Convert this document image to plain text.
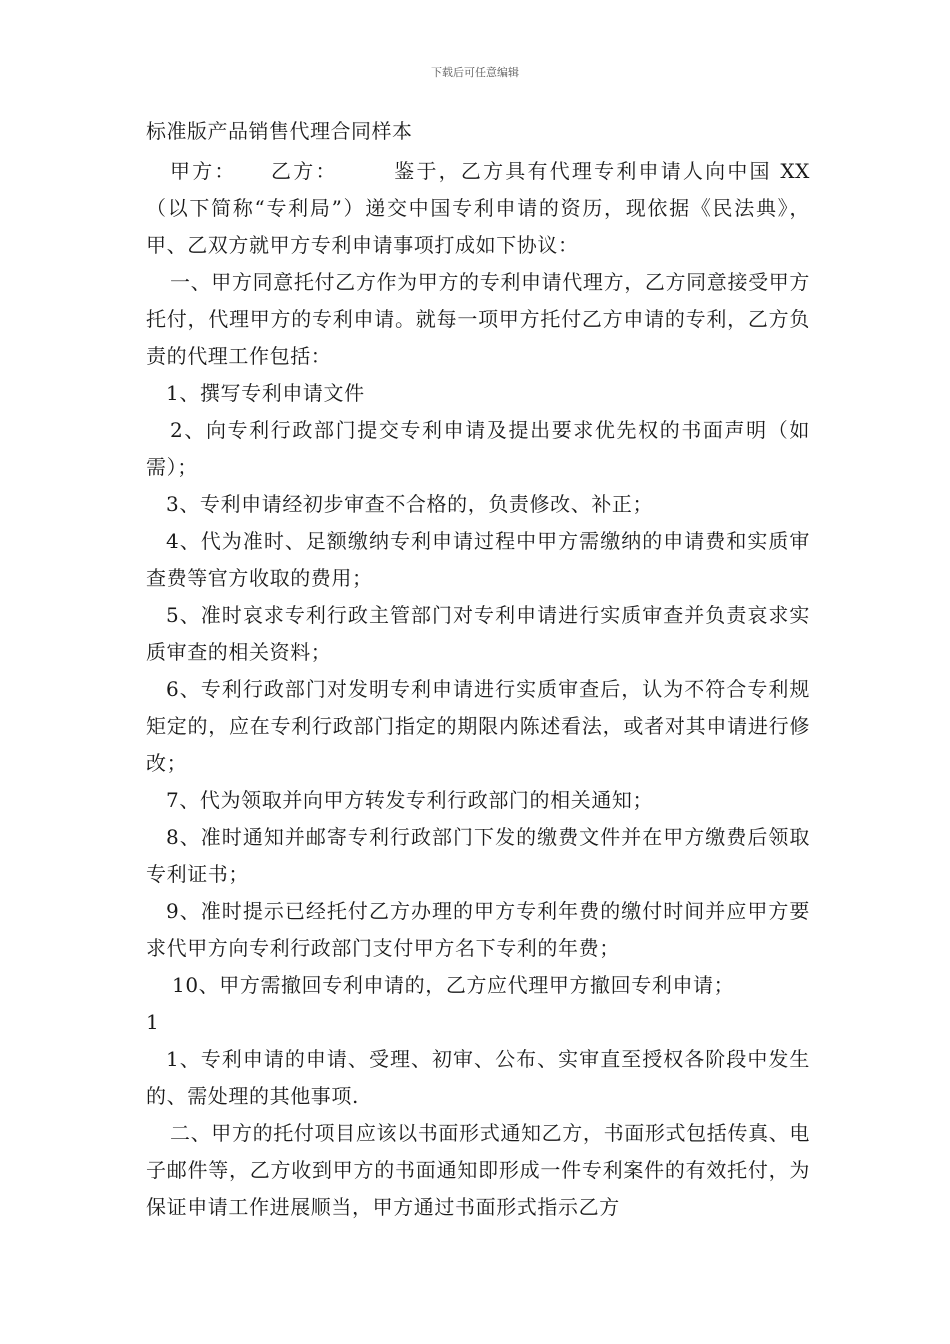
下载后可任意编辑

标准版产品销售代理合同样本

甲方：　　乙方：　　　鉴于，乙方具有代理专利申请人向中国 XX （以下简称“专利局”）递交中国专利申请的资历，现依据《民法典》，甲、乙双方就甲方专利申请事项打成如下协议：

一、甲方同意托付乙方作为甲方的专利申请代理方，乙方同意接受甲方托付，代理甲方的专利申请。就每一项甲方托付乙方申请的专利，乙方负责的代理工作包括：

1、撰写专利申请文件

2、向专利行政部门提交专利申请及提出要求优先权的书面声明（如需）；

3、专利申请经初步审查不合格的，负责修改、补正；

4、代为准时、足额缴纳专利申请过程中甲方需缴纳的申请费和实质审查费等官方收取的费用；

5、准时哀求专利行政主管部门对专利申请进行实质审查并负责哀求实质审查的相关资料；

6、专利行政部门对发明专利申请进行实质审查后，认为不符合专利规矩定的，应在专利行政部门指定的期限内陈述看法，或者对其申请进行修改；

7、代为领取并向甲方转发专利行政部门的相关通知；

8、准时通知并邮寄专利行政部门下发的缴费文件并在甲方缴费后领取专利证书；

9、准时提示已经托付乙方办理的甲方专利年费的缴付时间并应甲方要求代甲方向专利行政部门支付甲方名下专利的年费；

10、甲方需撤回专利申请的，乙方应代理甲方撤回专利申请；

1

1、专利申请的申请、受理、初审、公布、实审直至授权各阶段中发生的、需处理的其他事项.

二、甲方的托付项目应该以书面形式通知乙方，书面形式包括传真、电子邮件等，乙方收到甲方的书面通知即形成一件专利案件的有效托付，为保证申请工作进展顺当，甲方通过书面形式指示乙方
